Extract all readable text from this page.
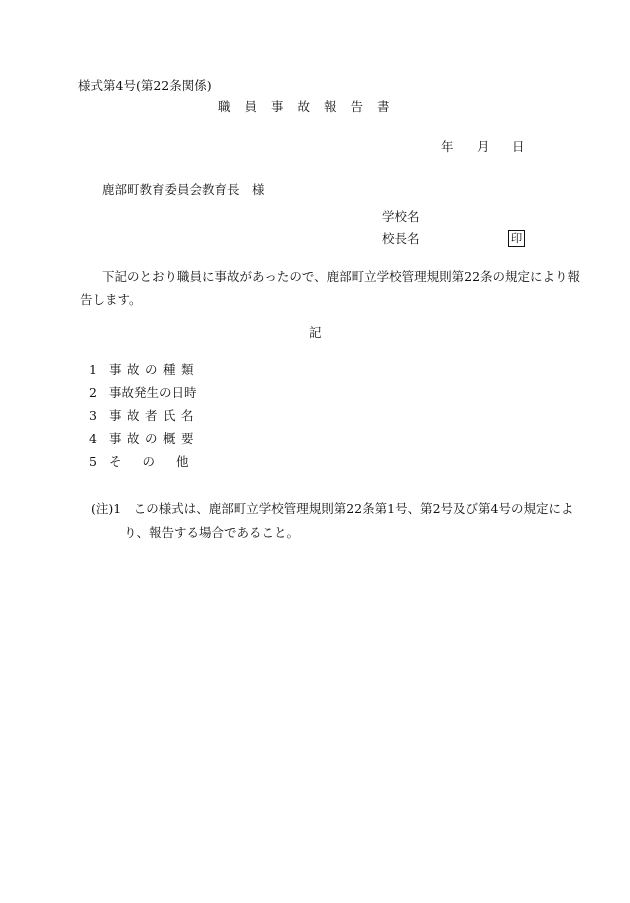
様式第4号(第22条関係)
職員事故報告書
年 月 日
鹿部町教育委員会教育長　様
学校名
校長名	印
下記のとおり職員に事故があったので、鹿部町立学校管理規則第22条の規定により報
告します。
記
1 事故の種類
2 事故発生の日時
3 事故者氏名
4 事故の概要
5 その他
(注)1　この様式は、鹿部町立学校管理規則第22条第1号、第2号及び第4号の規定によ
り、報告する場合であること。
